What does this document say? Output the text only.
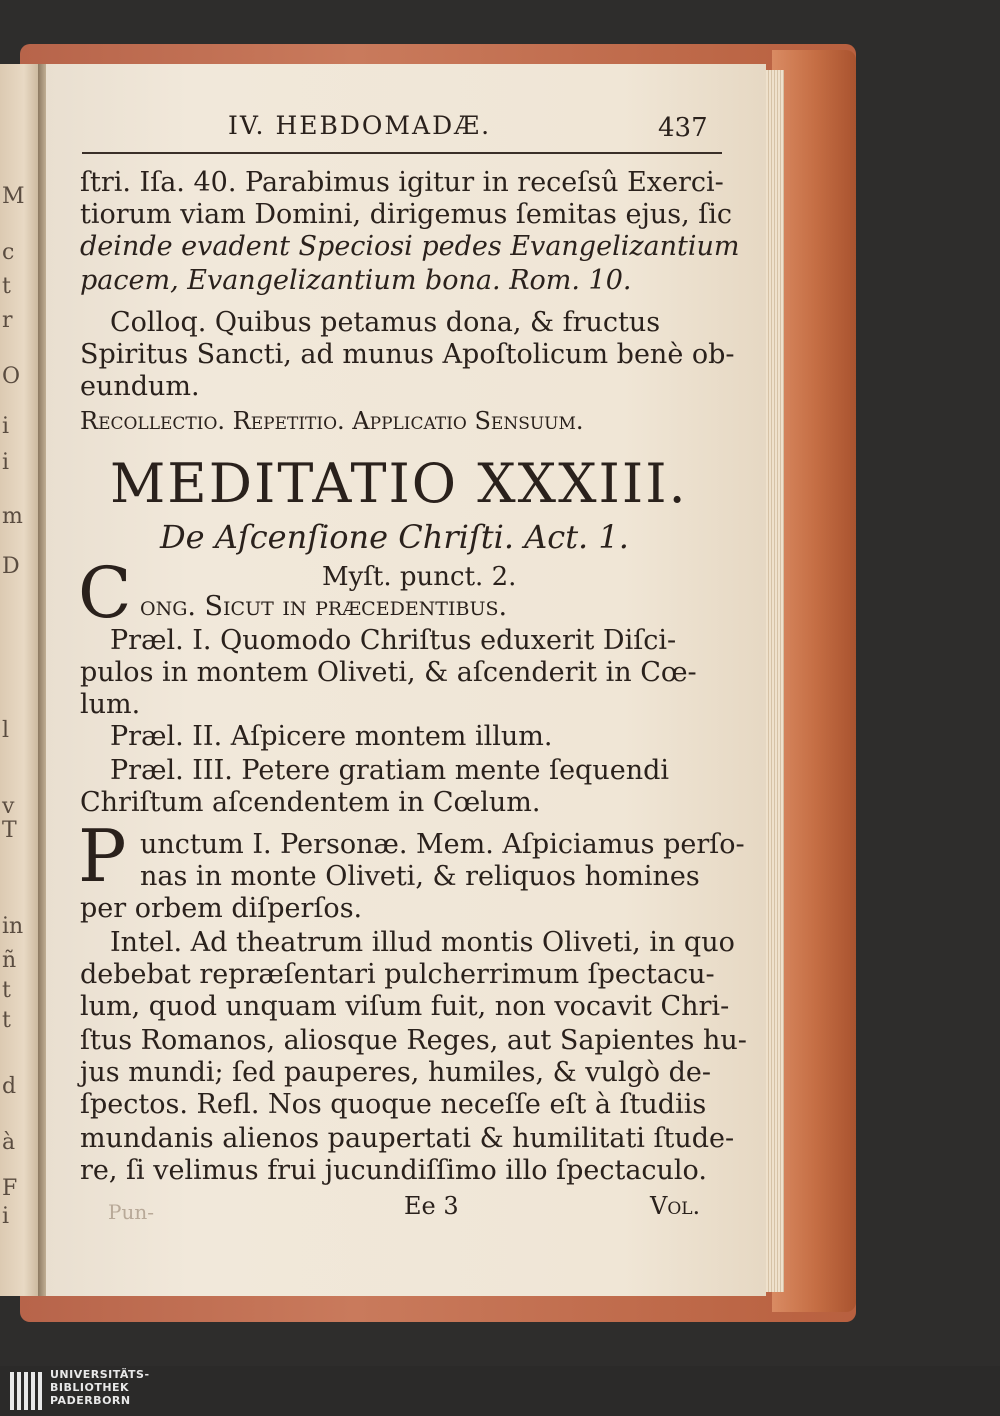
M
c
t
r
O
i
i
m
D
l
v
T
in
ñ
t
t
d
à
F
i
IV. HEBDOMADÆ.	437
ſtri. Iſa. 40. Parabimus igitur in receſsû Exerci-
tiorum viam Domini, dirigemus ſemitas ejus, ſic
deinde evadent Speciosi pedes Evangelizantium
pacem, Evangelizantium bona. Rom. 10.
Colloq. Quibus petamus dona, & fructus
Spiritus Sancti, ad munus Apoſtolicum benè ob-
eundum.
Recollectio. Repetitio. Applicatio Sensuum.
MEDITATIO XXXIII.
De Aſcenſione Chriſti. Act. 1.
Myſt. punct. 2.
C ong. Sicut in præcedentibus.
Præl. I. Quomodo Chriſtus eduxerit Diſci-
pulos in montem Oliveti, & aſcenderit in Cœ-
lum.
Præl. II. Aſpicere montem illum.
Præl. III. Petere gratiam mente ſequendi
Chriſtum aſcendentem in Cœlum.
P unctum I. Personæ. Mem. Aſpiciamus perſo-
nas in monte Oliveti, & reliquos homines
per orbem diſperſos.
Intel. Ad theatrum illud montis Oliveti, in quo
debebat repræſentari pulcherrimum ſpectacu-
lum, quod unquam viſum fuit, non vocavit Chri-
ſtus Romanos, aliosque Reges, aut Sapientes hu-
jus mundi; ſed pauperes, humiles, & vulgò de-
ſpectos. Refl. Nos quoque neceſſe eſt à ſtudiis
mundanis alienos paupertati & humilitati ſtude-
re, ſi velimus frui jucundiſſimo illo ſpectaculo.
Pun-	Ee 3	Vol.
UNIVERSITÄTS-
BIBLIOTHEK
PADERBORN
